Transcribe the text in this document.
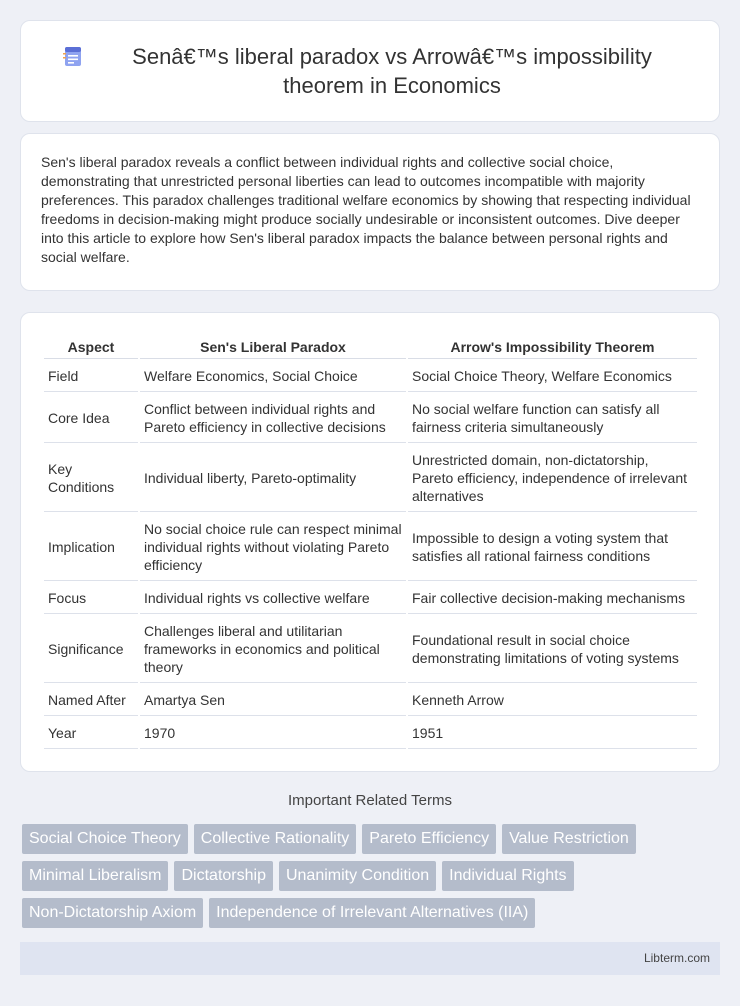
Senâ€™s liberal paradox vs Arrowâ€™s impossibility theorem in Economics

Sen's liberal paradox reveals a conflict between individual rights and collective social choice, demonstrating that unrestricted personal liberties can lead to outcomes incompatible with majority preferences. This paradox challenges traditional welfare economics by showing that respecting individual freedoms in decision-making might produce socially undesirable or inconsistent outcomes. Dive deeper into this article to explore how Sen's liberal paradox impacts the balance between personal rights and social welfare.

Aspect	Sen's Liberal Paradox	Arrow's Impossibility Theorem
Field	Welfare Economics, Social Choice	Social Choice Theory, Welfare Economics
Core Idea	Conflict between individual rights and Pareto efficiency in collective decisions	No social welfare function can satisfy all fairness criteria simultaneously
Key Conditions	Individual liberty, Pareto-optimality	Unrestricted domain, non-dictatorship, Pareto efficiency, independence of irrelevant alternatives
Implication	No social choice rule can respect minimal individual rights without violating Pareto efficiency	Impossible to design a voting system that satisfies all rational fairness conditions
Focus	Individual rights vs collective welfare	Fair collective decision-making mechanisms
Significance	Challenges liberal and utilitarian frameworks in economics and political theory	Foundational result in social choice demonstrating limitations of voting systems
Named After	Amartya Sen	Kenneth Arrow
Year	1970	1951
Important Related Terms
Social Choice Theory	Collective Rationality	Pareto Efficiency	Value Restriction
Minimal Liberalism	Dictatorship	Unanimity Condition	Individual Rights
Non-Dictatorship Axiom	Independence of Irrelevant Alternatives (IIA)
Libterm.com
